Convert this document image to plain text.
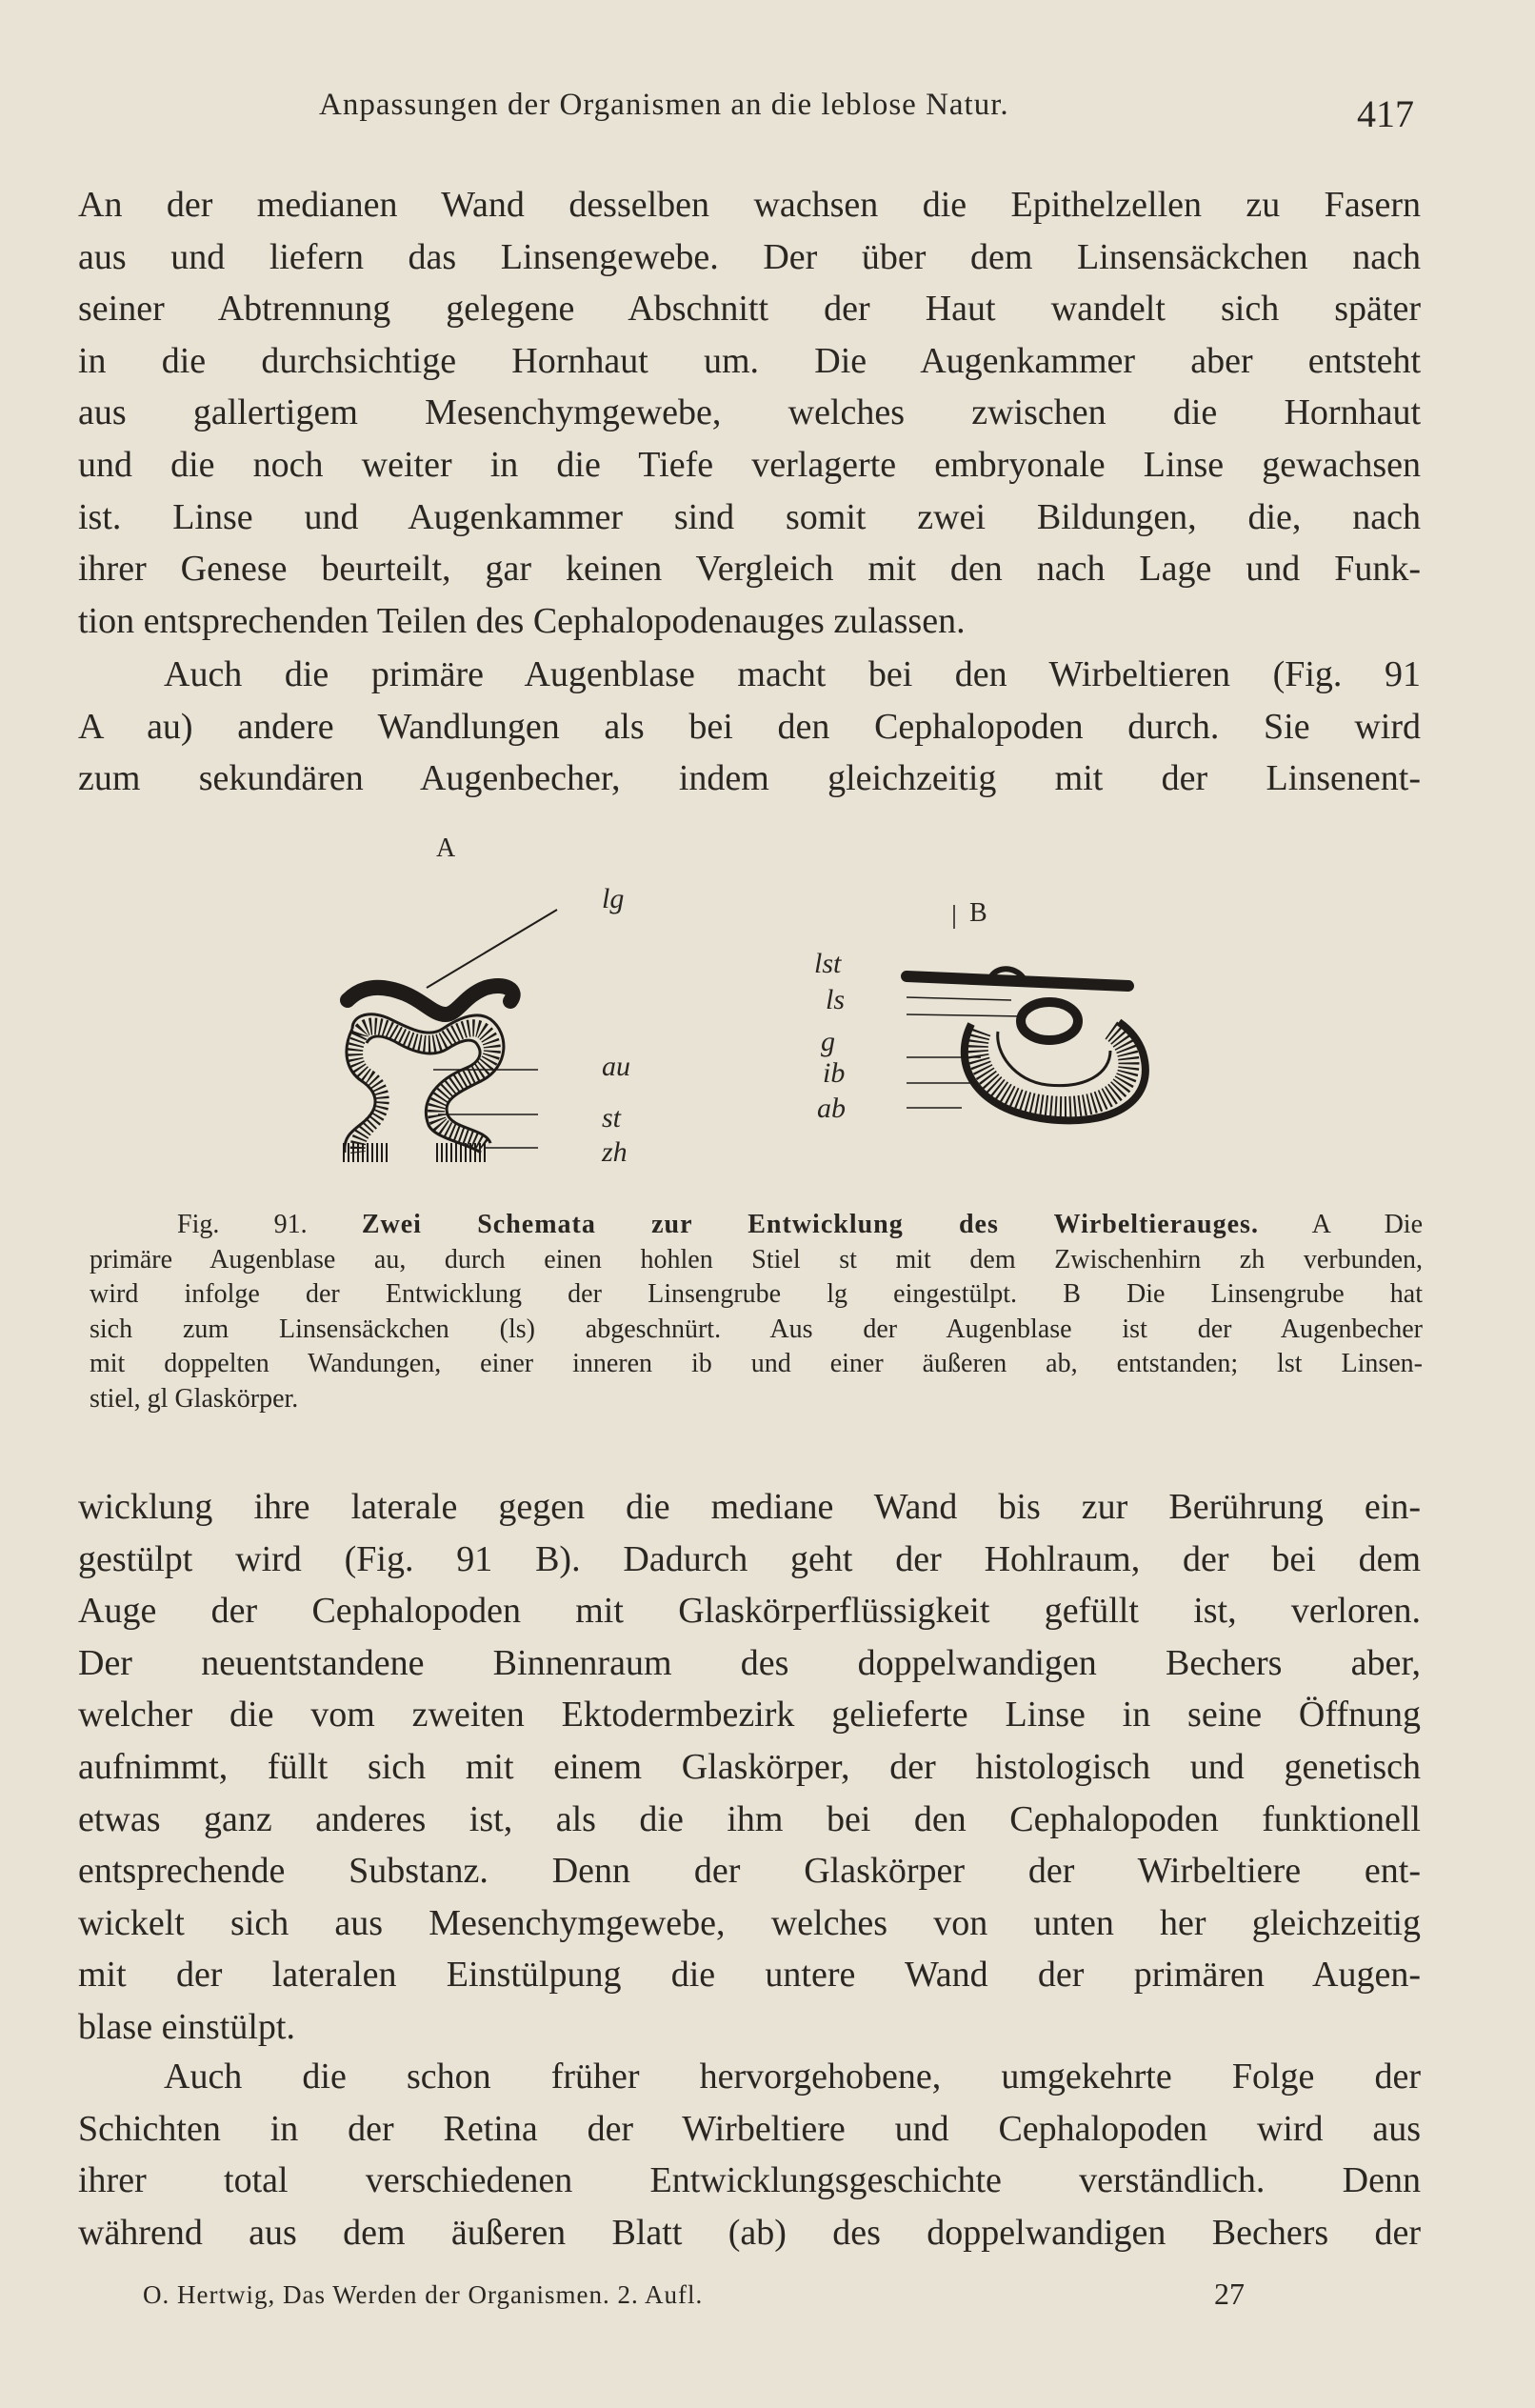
Anpassungen der Organismen an die leblose Natur.	417
An der medianen Wand desselben wachsen die Epithelzellen zu Fasern
aus und liefern das Linsengewebe. Der über dem Linsensäckchen nach
seiner Abtrennung gelegene Abschnitt der Haut wandelt sich später
in die durchsichtige Hornhaut um. Die Augenkammer aber entsteht
aus gallertigem Mesenchymgewebe, welches zwischen die Hornhaut
und die noch weiter in die Tiefe verlagerte embryonale Linse gewachsen
ist. Linse und Augenkammer sind somit zwei Bildungen, die, nach
ihrer Genese beurteilt, gar keinen Vergleich mit den nach Lage und Funk-
tion entsprechenden Teilen des Cephalopodenauges zulassen.
Auch die primäre Augenblase macht bei den Wirbeltieren (Fig. 91
A au) andere Wandlungen als bei den Cephalopoden durch. Sie wird
zum sekundären Augenbecher, indem gleichzeitig mit der Linsenent-
A
B
lg
au
st
zh
lst
ls
g
ib
ab
Fig. 91. Zwei Schemata zur Entwicklung des Wirbeltierauges. A Die
primäre Augenblase au, durch einen hohlen Stiel st mit dem Zwischenhirn zh verbunden,
wird infolge der Entwicklung der Linsengrube lg eingestülpt. B Die Linsengrube hat
sich zum Linsensäckchen (ls) abgeschnürt. Aus der Augenblase ist der Augenbecher
mit doppelten Wandungen, einer inneren ib und einer äußeren ab, entstanden; lst Linsen-
stiel, gl Glaskörper.
wicklung ihre laterale gegen die mediane Wand bis zur Berührung ein-
gestülpt wird (Fig. 91 B). Dadurch geht der Hohlraum, der bei dem
Auge der Cephalopoden mit Glaskörperflüssigkeit gefüllt ist, verloren.
Der neuentstandene Binnenraum des doppelwandigen Bechers aber,
welcher die vom zweiten Ektodermbezirk gelieferte Linse in seine Öffnung
aufnimmt, füllt sich mit einem Glaskörper, der histologisch und genetisch
etwas ganz anderes ist, als die ihm bei den Cephalopoden funktionell
entsprechende Substanz. Denn der Glaskörper der Wirbeltiere ent-
wickelt sich aus Mesenchymgewebe, welches von unten her gleichzeitig
mit der lateralen Einstülpung die untere Wand der primären Augen-
blase einstülpt.
Auch die schon früher hervorgehobene, umgekehrte Folge der
Schichten in der Retina der Wirbeltiere und Cephalopoden wird aus
ihrer total verschiedenen Entwicklungsgeschichte verständlich. Denn
während aus dem äußeren Blatt (ab) des doppelwandigen Bechers der
O. Hertwig, Das Werden der Organismen. 2. Aufl.	27
